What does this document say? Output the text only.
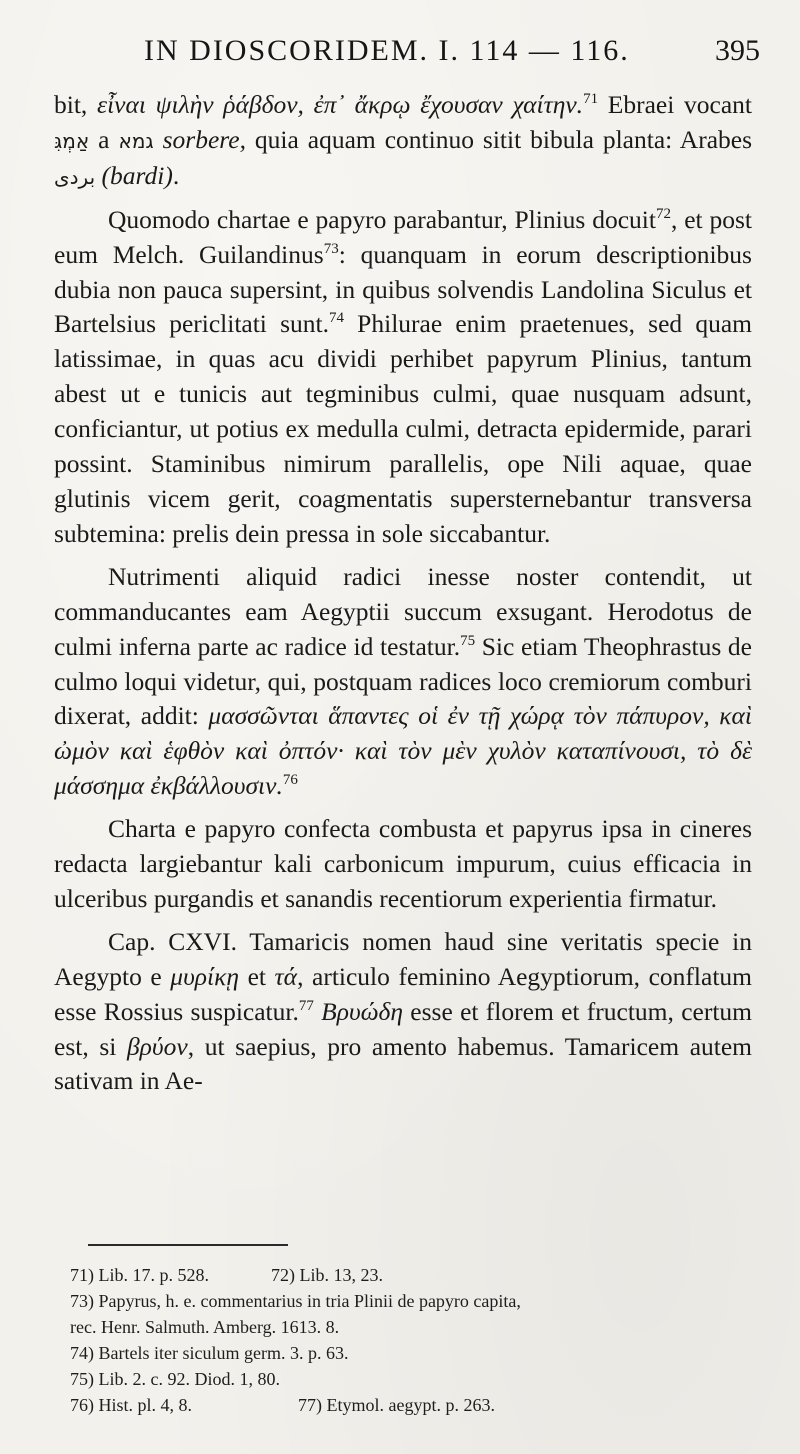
IN DIOSCORIDEM. I. 114 — 116.	395

bit, εἶναι ψιλὴν ῥάβδον, ἐπ᾿ ἄκρῳ ἔχουσαν χαίτην.$^{71}$ Ebraei vocant אַמְגִּ a גמא sorbere, quia aquam continuo sitit bibula planta: Arabes بردی (bardi).

Quomodo chartae e papyro parabantur, Plinius docuit$^{72}$, et post eum Melch. Guilandinus$^{73}$: quanquam in eorum descriptionibus dubia non pauca supersint, in quibus solvendis Landolina Siculus et Bartelsius periclitati sunt.$^{74}$ Philurae enim praetenues, sed quam latissimae, in quas acu dividi perhibet papyrum Plinius, tantum abest ut e tunicis aut tegminibus culmi, quae nusquam adsunt, conficiantur, ut potius ex medulla culmi, detracta epidermide, parari possint. Staminibus nimirum parallelis, ope Nili aquae, quae glutinis vicem gerit, coagmentatis supersternebantur transversa subtemina: prelis dein pressa in sole siccabantur.

Nutrimenti aliquid radici inesse noster contendit, ut commanducantes eam Aegyptii succum exsugant. Herodotus de culmi inferna parte ac radice id testatur.$^{75}$ Sic etiam Theophrastus de culmo loqui videtur, qui, postquam radices loco cremiorum comburi dixerat, addit: μασσῶνται ἅπαντες οἱ ἐν τῇ χώρᾳ τὸν πάπυρον, καὶ ὠμὸν καὶ ἑφθὸν καὶ ὀπτόν· καὶ τὸν μὲν χυλὸν καταπίνουσι, τὸ δὲ μάσσημα ἐκβάλλουσιν.$^{76}$

Charta e papyro confecta combusta et papyrus ipsa in cineres redacta largiebantur kali carbonicum impurum, cuius efficacia in ulceribus purgandis et sanandis recentiorum experientia firmatur.

Cap. CXVI. Tamaricis nomen haud sine veritatis specie in Aegypto e μυρίκῃ et τά, articulo feminino Aegyptiorum, conflatum esse Rossius suspicatur.$^{77}$ Βρυώδη esse et florem et fructum, certum est, si βρύον, ut saepius, pro amento habemus. Tamaricem autem sativam in Ae-

71) Lib. 17. p. 528.	72) Lib. 13, 23.
73) Papyrus, h. e. commentarius in tria Plinii de papyro capita,
rec. Henr. Salmuth. Amberg. 1613. 8.
74) Bartels iter siculum germ. 3. p. 63.
75) Lib. 2. c. 92. Diod. 1, 80.
76) Hist. pl. 4, 8.	77) Etymol. aegypt. p. 263.
